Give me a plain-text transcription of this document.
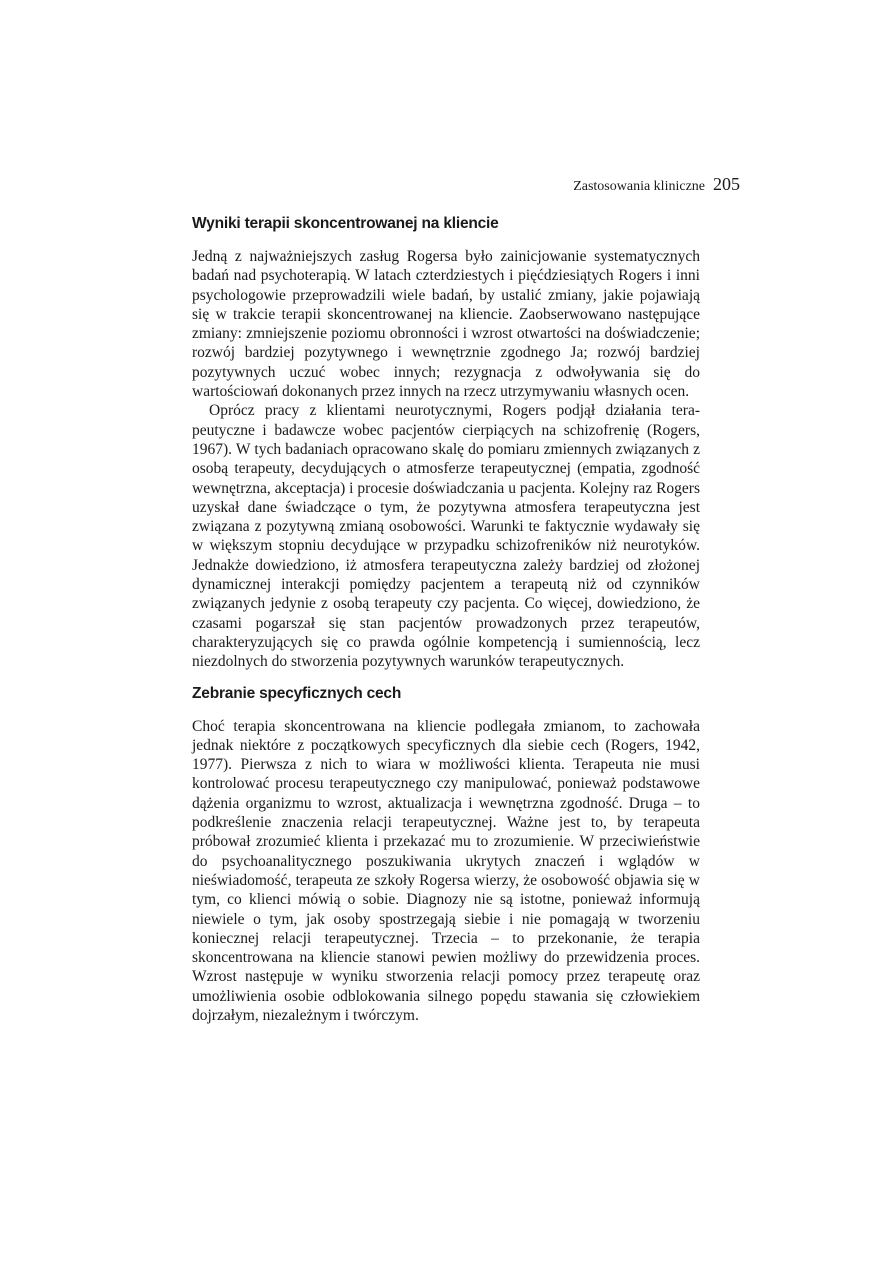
Zastosowania kliniczne 205
Wyniki terapii skoncentrowanej na kliencie

Jedną z najważniejszych zasług Rogersa było zainicjowanie systematycznych badań nad psychoterapią. W latach czterdziestych i pięćdziesiątych Rogers i inni psychologowie przeprowadzili wiele badań, by ustalić zmiany, jakie pojawiają się w trakcie terapii skoncentrowanej na kliencie. Zaobserwowano następujące zmiany: zmniejszenie poziomu obronności i wzrost otwartości na doświadczenie; rozwój bardziej pozytywnego i wewnętrznie zgodnego Ja; rozwój bardziej pozytywnych uczuć wobec innych; rezygnacja z odwoływania się do wartościowań dokonanych przez innych na rzecz utrzymywaniu własnych ocen.

Oprócz pracy z klientami neurotycznymi, Rogers podjął działania terapeutyczne i badawcze wobec pacjentów cierpiących na schizofrenię (Rogers, 1967). W tych badaniach opracowano skalę do pomiaru zmiennych związanych z osobą terapeuty, decydujących o atmosferze terapeutycznej (empatia, zgodność wewnętrzna, akceptacja) i procesie doświadczania u pacjenta. Kolejny raz Rogers uzyskał dane świadczące o tym, że pozytywna atmosfera terapeutyczna jest związana z pozytywną zmianą osobowości. Warunki te faktycznie wydawały się w większym stopniu decydujące w przypadku schizofreników niż neurotyków. Jednakże dowiedziono, iż atmosfera terapeutyczna zależy bardziej od złożonej dynamicznej interakcji pomiędzy pacjentem a terapeutą niż od czynników związanych jedynie z osobą terapeuty czy pacjenta. Co więcej, dowiedziono, że czasami pogarszał się stan pacjentów prowadzonych przez terapeutów, charakteryzujących się co prawda ogólnie kompetencją i sumiennością, lecz niezdolnych do stworzenia pozytywnych warunków terapeutycznych.

Zebranie specyficznych cech

Choć terapia skoncentrowana na kliencie podlegała zmianom, to zachowała jednak niektóre z początkowych specyficznych dla siebie cech (Rogers, 1942, 1977). Pierwsza z nich to wiara w możliwości klienta. Terapeuta nie musi kontrolować procesu terapeutycznego czy manipulować, ponieważ podstawowe dążenia organizmu to wzrost, aktualizacja i wewnętrzna zgodność. Druga – to podkreślenie znaczenia relacji terapeutycznej. Ważne jest to, by terapeuta próbował zrozumieć klienta i przekazać mu to zrozumienie. W przeciwieństwie do psychoanalitycznego poszukiwania ukrytych znaczeń i wglądów w nieświadomość, terapeuta ze szkoły Rogersa wierzy, że osobowość objawia się w tym, co klienci mówią o sobie. Diagnozy nie są istotne, ponieważ informują niewiele o tym, jak osoby spostrzegają siebie i nie pomagają w tworzeniu koniecznej relacji terapeutycznej. Trzecia – to przekonanie, że terapia skoncentrowana na kliencie stanowi pewien możliwy do przewidzenia proces. Wzrost następuje w wyniku stworzenia relacji pomocy przez terapeutę oraz umożliwienia osobie odblokowania silnego popędu stawania się człowiekiem dojrzałym, niezależnym i twórczym.
